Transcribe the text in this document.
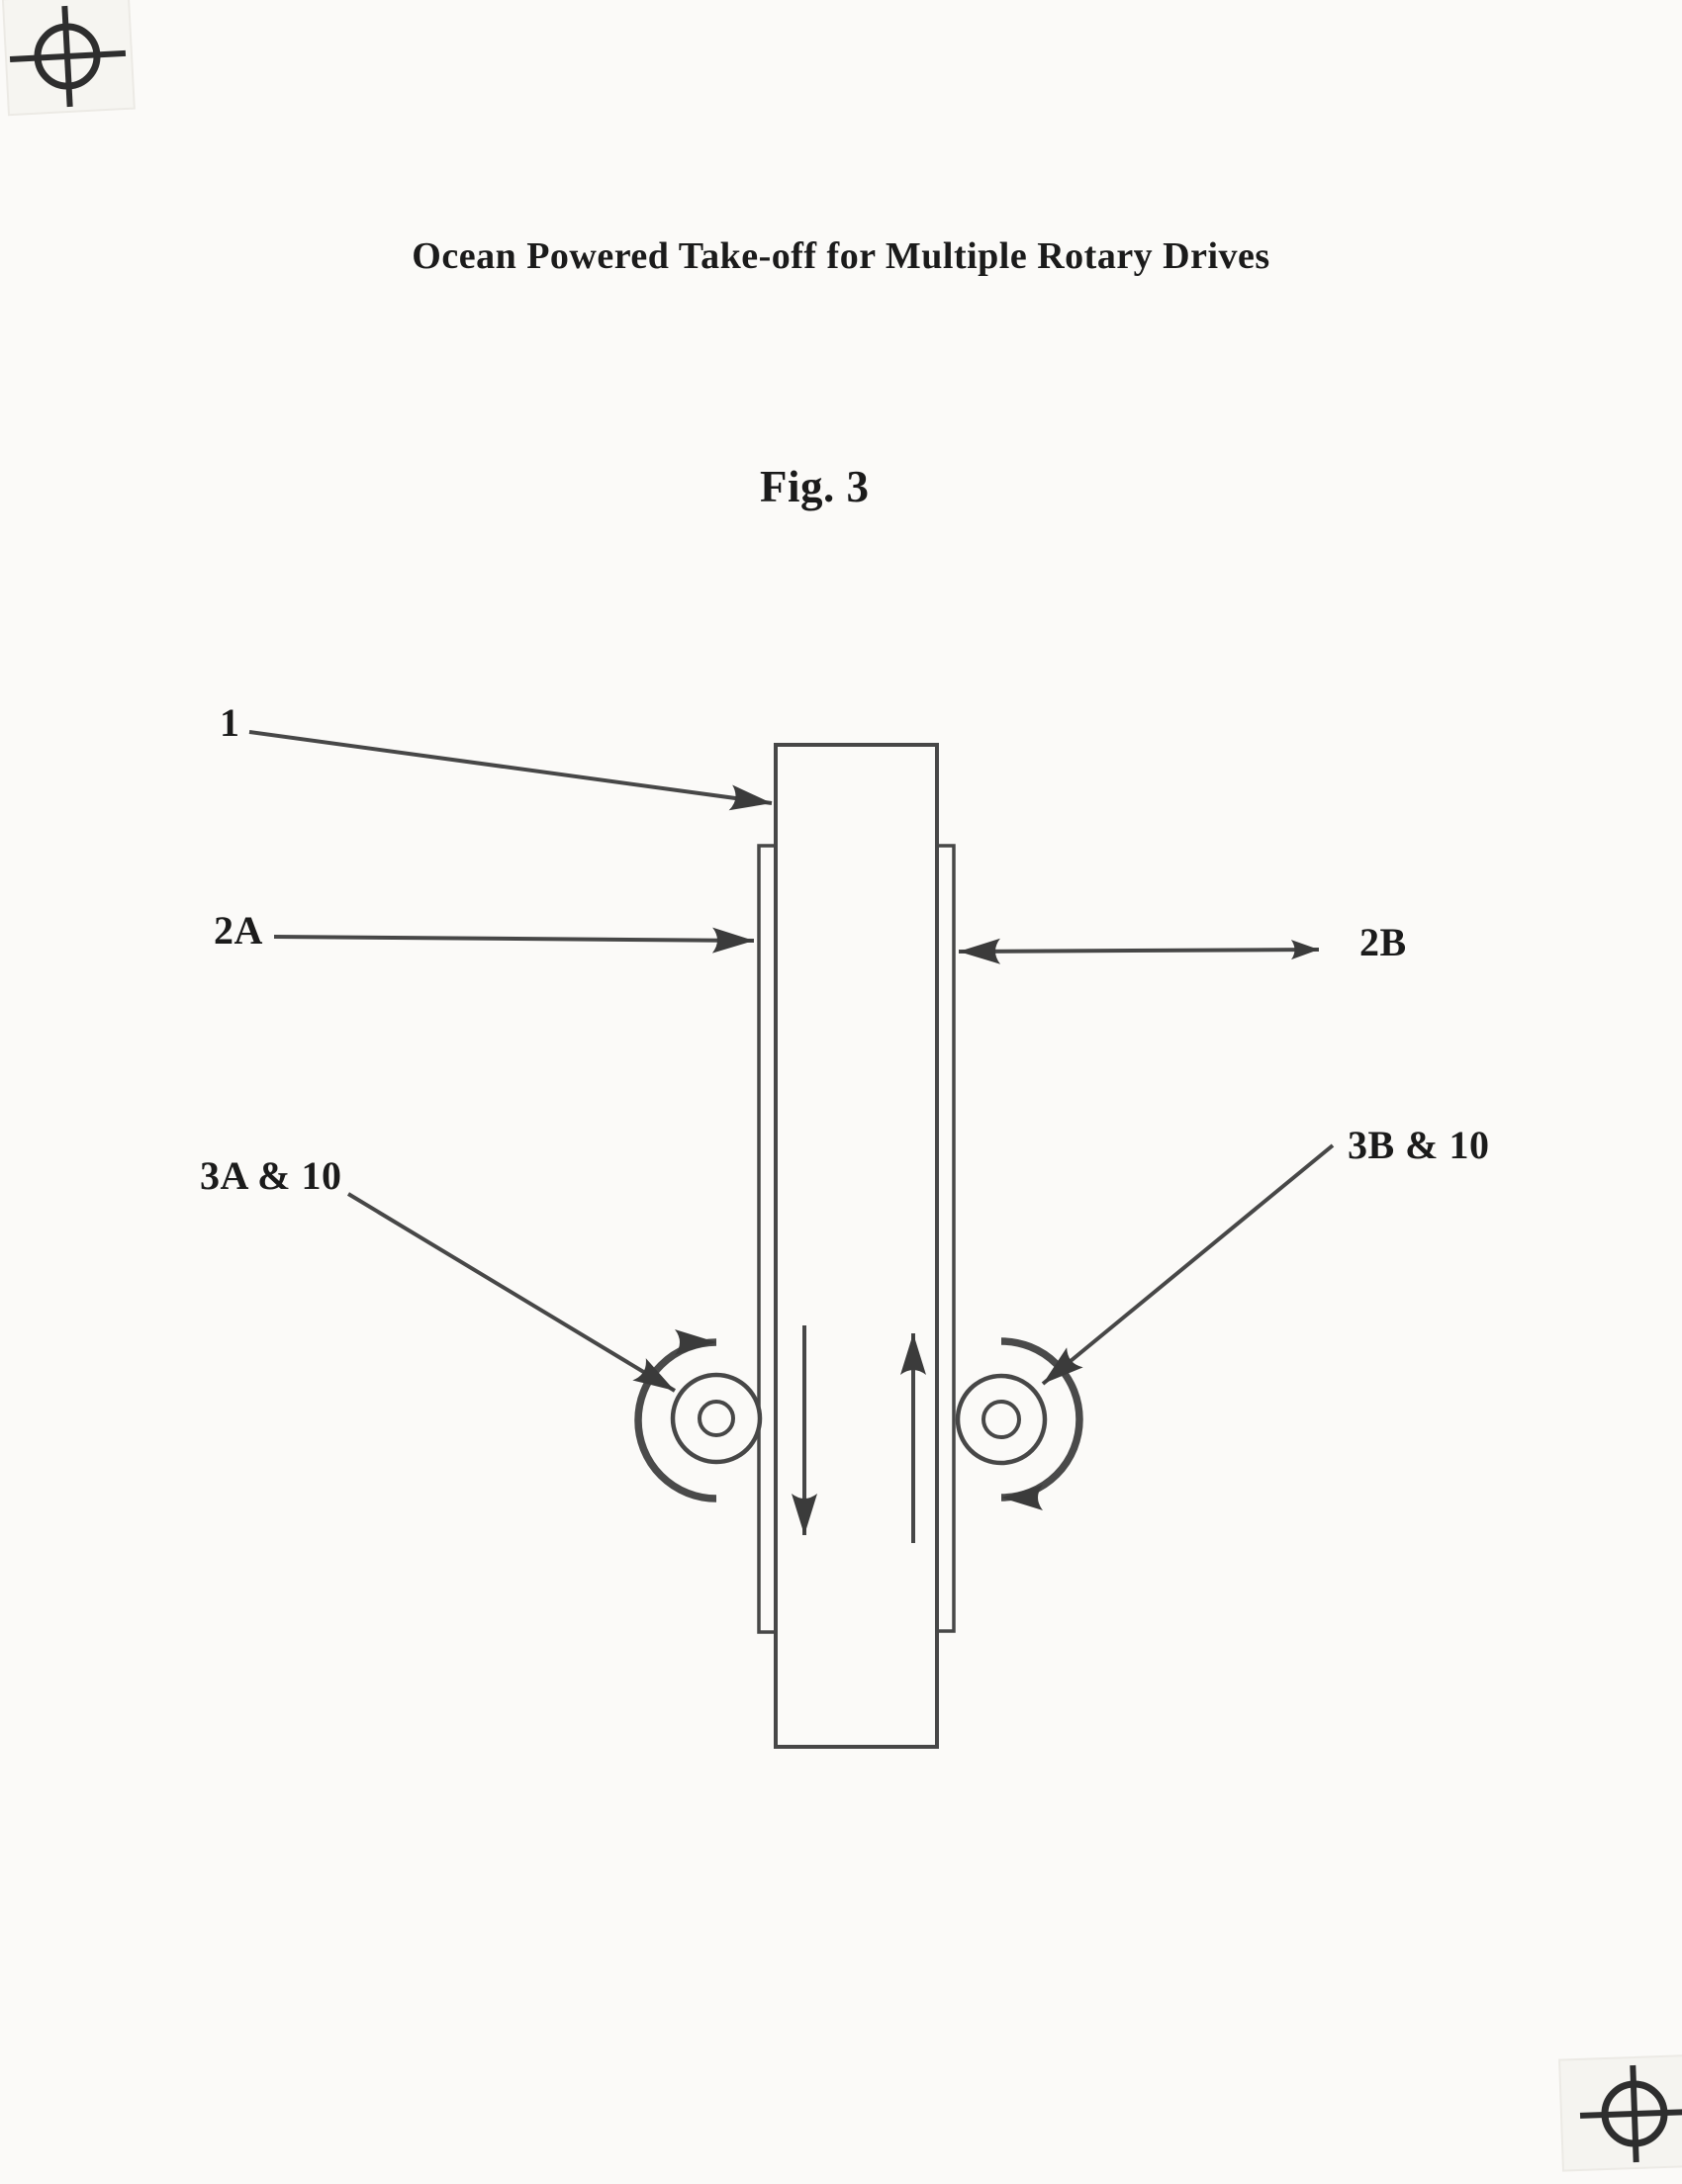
Ocean Powered Take-off for Multiple Rotary Drives
Fig. 3
1
2A	2B
3A & 10
3B & 10
